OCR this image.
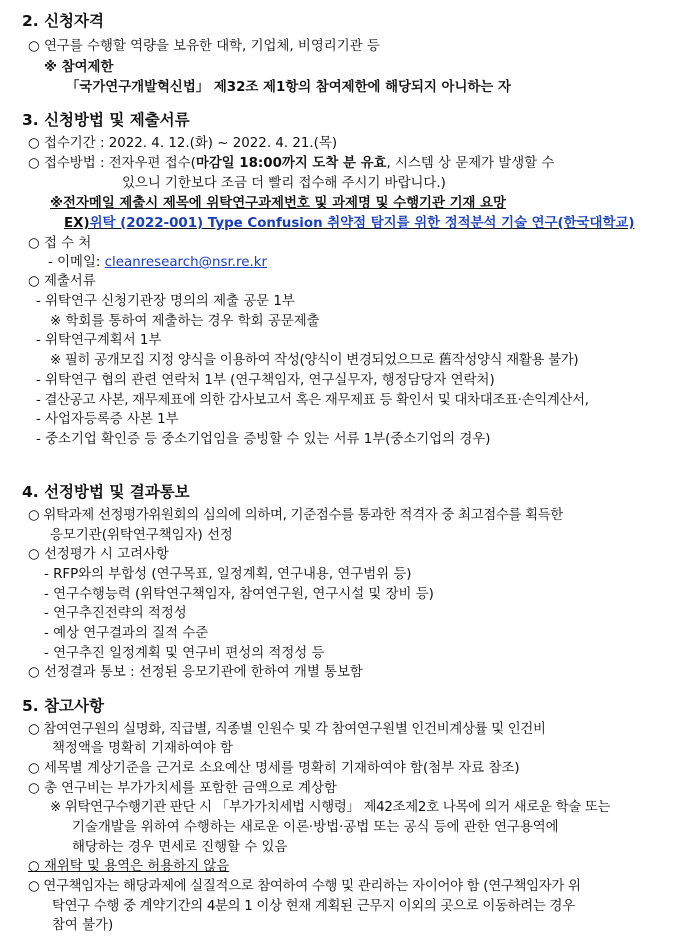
2. 신청자격
○ 연구를 수행할 역량을 보유한 대학, 기업체, 비영리기관 등
※ 참여제한
「국가연구개발혁신법」 제32조 제1항의 참여제한에 해당되지 아니하는 자
3. 신청방법 및 제출서류
○ 접수기간 : 2022. 4. 12.(화) ~ 2022. 4. 21.(목)
○ 접수방법 : 전자우편 접수(마감일 18:00까지 도착 분 유효, 시스템 상 문제가 발생할 수
있으니 기한보다 조금 더 빨리 접수해 주시기 바랍니다.)
※전자메일 제출시 제목에 위탁연구과제번호 및 과제명 및 수행기관 기재 요망
EX)위탁 (2022-001) Type Confusion 취약점 탐지를 위한 정적분석 기술 연구(한국대학교)
○ 접 수 처
- 이메일: cleanresearch@nsr.re.kr
○ 제출서류
- 위탁연구 신청기관장 명의의 제출 공문 1부
※ 학회를 통하여 제출하는 경우 학회 공문제출
- 위탁연구계획서 1부
※ 필히 공개모집 지정 양식을 이용하여 작성(양식이 변경되었으므로 舊작성양식 재활용 불가)
- 위탁연구 협의 관련 연락처 1부 (연구책임자, 연구실무자, 행정담당자 연락처)
- 결산공고 사본, 재무제표에 의한 감사보고서 혹은 재무제표 등 확인서 및 대차대조표·손익계산서,
- 사업자등록증 사본 1부
- 중소기업 확인증 등 중소기업임을 증빙할 수 있는 서류 1부(중소기업의 경우)
4. 선정방법 및 결과통보
○ 위탁과제 선정평가위원회의 심의에 의하며, 기준점수를 통과한 적격자 중 최고점수를 획득한
응모기관(위탁연구책임자) 선정
○ 선정평가 시 고려사항
- RFP와의 부합성 (연구목표, 일정계획, 연구내용, 연구범위 등)
- 연구수행능력 (위탁연구책임자, 참여연구원, 연구시설 및 장비 등)
- 연구추진전략의 적정성
- 예상 연구결과의 질적 수준
- 연구추진 일정계획 및 연구비 편성의 적정성 등
○ 선정결과 통보 : 선정된 응모기관에 한하여 개별 통보함
5. 참고사항
○ 참여연구원의 실명화, 직급별, 직종별 인원수 및 각 참여연구원별 인건비계상률 및 인건비
책정액을 명확히 기재하여야 함
○ 세목별 계상기준을 근거로 소요예산 명세를 명확히 기재하여야 함(첨부 자료 참조)
○ 총 연구비는 부가가치세를 포함한 금액으로 계상함
※ 위탁연구수행기관 판단 시 「부가가치세법 시행령」 제42조제2호 나목에 의거 새로운 학술 또는
기술개발을 위하여 수행하는 새로운 이론·방법·공법 또는 공식 등에 관한 연구용역에
해당하는 경우 면세로 진행할 수 있음
○ 재위탁 및 용역은 허용하지 않음
○ 연구책임자는 해당과제에 실질적으로 참여하여 수행 및 관리하는 자이어야 함 (연구책임자가 위
탁연구 수행 중 계약기간의 4분의 1 이상 현재 계획된 근무지 이외의 곳으로 이동하려는 경우
참여 불가)
